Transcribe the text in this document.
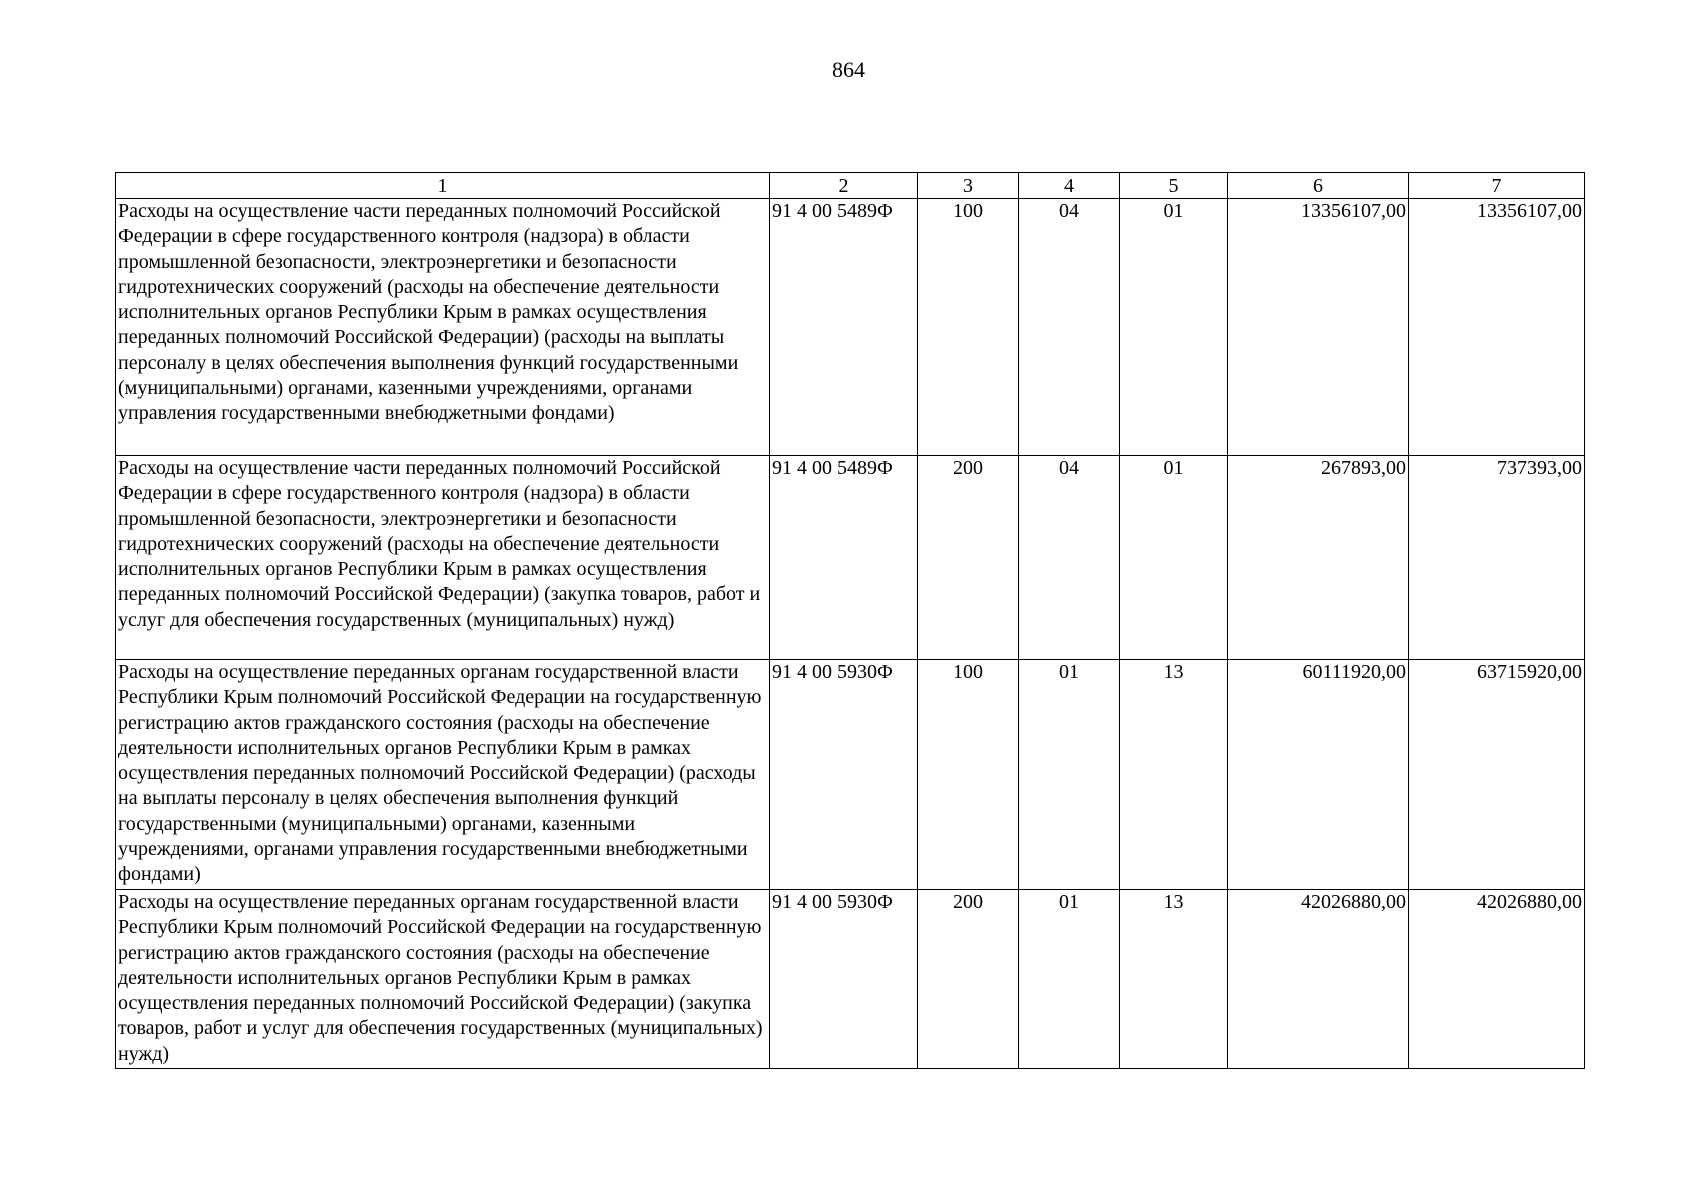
864
1	2	3	4	5	6	7
Расходы на осуществление части переданных полномочий Российской Федерации в сфере государственного контроля (надзора) в области промышленной безопасности, электроэнергетики и безопасности гидротехнических сооружений (расходы на обеспечение деятельности исполнительных органов Республики Крым в рамках осуществления переданных полномочий Российской Федерации) (расходы на выплаты персоналу в целях обеспечения выполнения функций государственными (муниципальными) органами, казенными учреждениями, органами управления государственными внебюджетными фондами)	91 4 00 5489Ф	100	04	01	13356107,00	13356107,00
Расходы на осуществление части переданных полномочий Российской Федерации в сфере государственного контроля (надзора) в области промышленной безопасности, электроэнергетики и безопасности гидротехнических сооружений (расходы на обеспечение деятельности исполнительных органов Республики Крым в рамках осуществления переданных полномочий Российской Федерации) (закупка товаров, работ и услуг для обеспечения государственных (муниципальных) нужд)	91 4 00 5489Ф	200	04	01	267893,00	737393,00
Расходы на осуществление переданных органам государственной власти Республики Крым полномочий Российской Федерации на государственную регистрацию актов гражданского состояния (расходы на обеспечение деятельности исполнительных органов Республики Крым в рамках осуществления переданных полномочий Российской Федерации) (расходы на выплаты персоналу в целях обеспечения выполнения функций государственными (муниципальными) органами, казенными учреждениями, органами управления государственными внебюджетными фондами)	91 4 00 5930Ф	100	01	13	60111920,00	63715920,00
Расходы на осуществление переданных органам государственной власти Республики Крым полномочий Российской Федерации на государственную регистрацию актов гражданского состояния (расходы на обеспечение деятельности исполнительных органов Республики Крым в рамках осуществления переданных полномочий Российской Федерации) (закупка товаров, работ и услуг для обеспечения государственных (муниципальных) нужд)	91 4 00 5930Ф	200	01	13	42026880,00	42026880,00
